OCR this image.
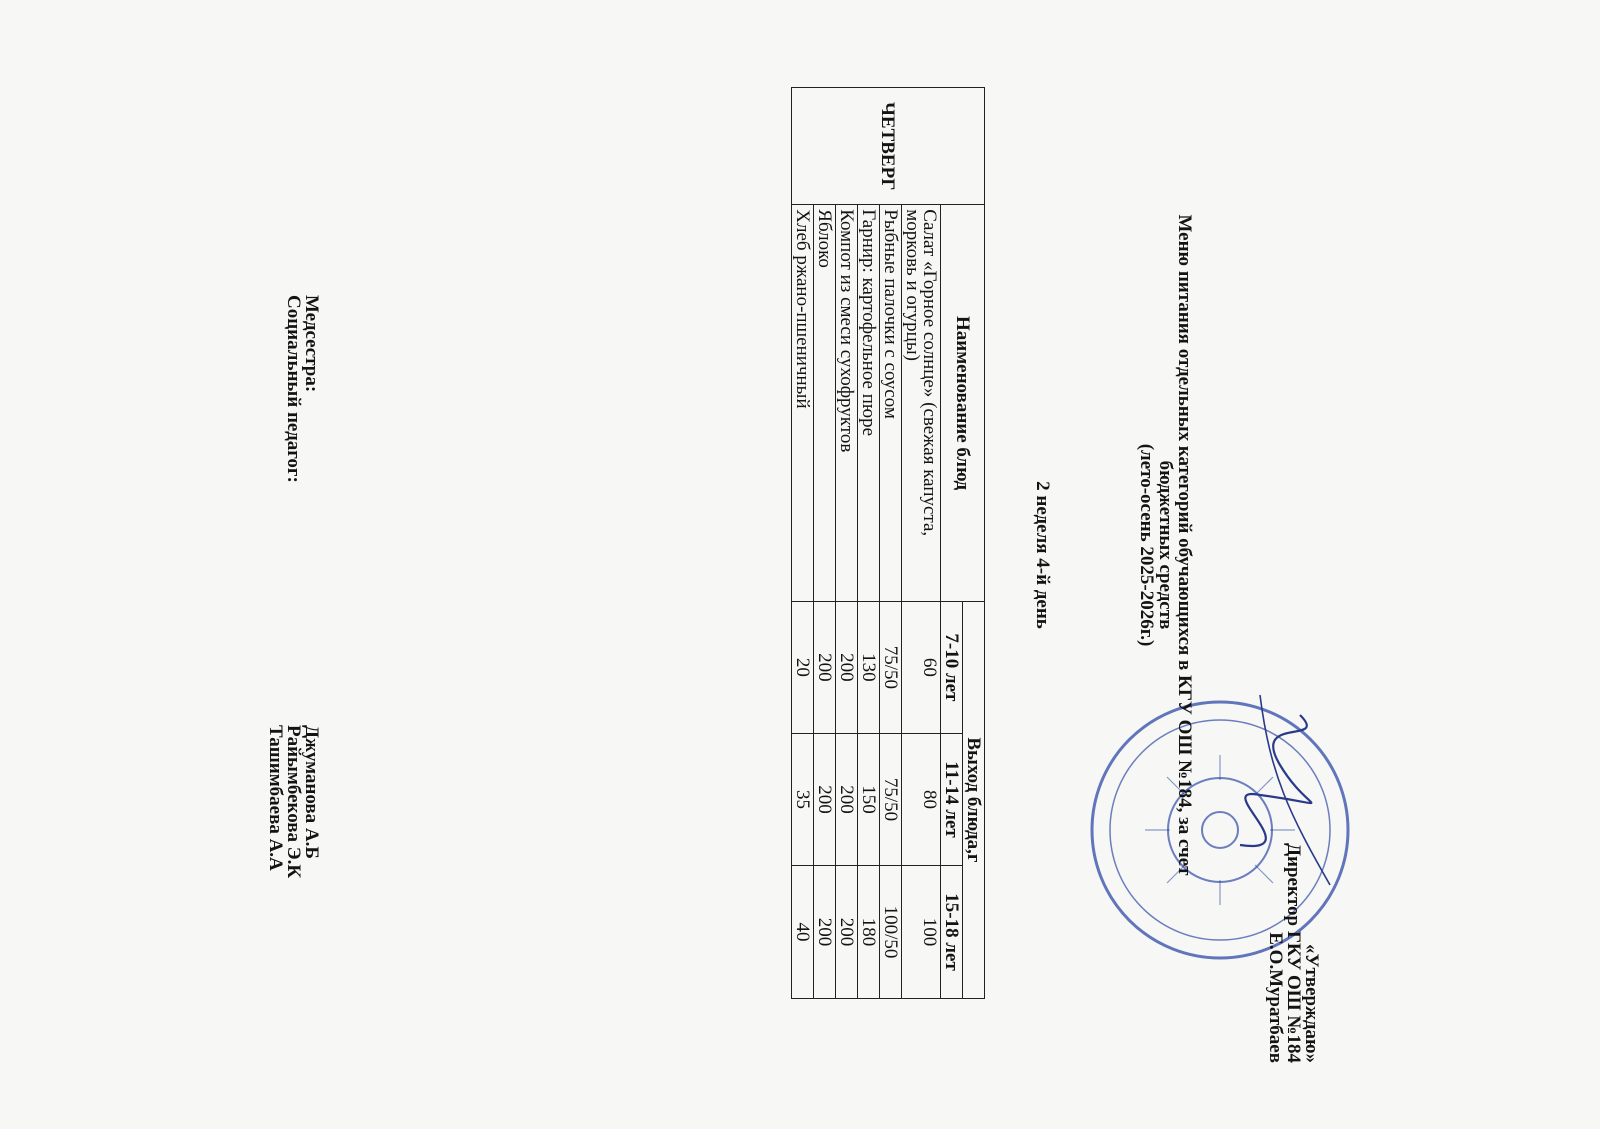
«Утверждаю»
Директор ГКУ ОШ №184
Е.О.Муратбаев
Меню питания отдельных категорий обучающихся в КГУ ОШ №184, за счет
бюджетных средств
(лето-осень 2025-2026г.)
2 неделя 4-й день
ЧЕТВЕРГ	Наименование блюд	Выход блюда,г		
		7-10 лет	11-14 лет	15-18 лет
	Салат «Горное солнце» (свежая капуста, морковь и огурцы)	60	80	100
	Рыбные палочки с соусом	75/50	75/50	100/50
	Гарнир: картофельное пюре	130	150	180
	Компот из смеси сухофруктов	200	200	200
	Яблоко	200	200	200
	Хлеб ржано-пшеничный	20	35	40
Медсестра:
Джуманова А.Б
Социальный педагог:
Райымбекова Э.К
Ташимбаева А.А
